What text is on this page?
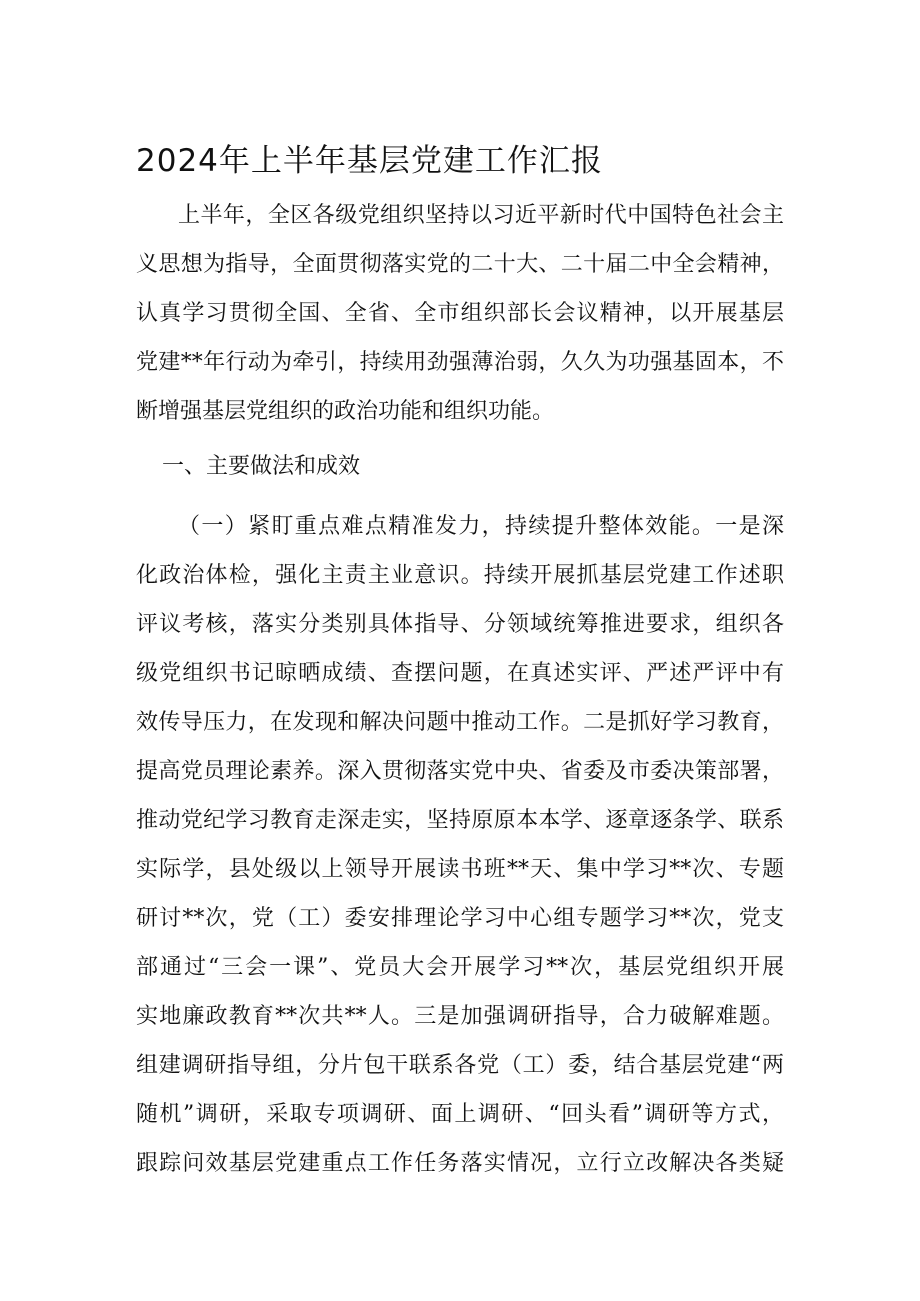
2024年上半年基层党建工作汇报
上半年，全区各级党组织坚持以习近平新时代中国特色社会主
义思想为指导，全面贯彻落实党的二十大、二十届二中全会精神，
认真学习贯彻全国、全省、全市组织部长会议精神，以开展基层
党建**年行动为牵引，持续用劲强薄治弱，久久为功强基固本，不
断增强基层党组织的政治功能和组织功能。
一、主要做法和成效
（一）紧盯重点难点精准发力，持续提升整体效能。一是深
化政治体检，强化主责主业意识。持续开展抓基层党建工作述职
评议考核，落实分类别具体指导、分领域统筹推进要求，组织各
级党组织书记晾晒成绩、查摆问题，在真述实评、严述严评中有
效传导压力，在发现和解决问题中推动工作。二是抓好学习教育，
提高党员理论素养。深入贯彻落实党中央、省委及市委决策部署，
推动党纪学习教育走深走实，坚持原原本本学、逐章逐条学、联系
实际学，县处级以上领导开展读书班**天、集中学习**次、专题
研讨**次，党（工）委安排理论学习中心组专题学习**次，党支
部通过“三会一课”、党员大会开展学习**次，基层党组织开展
实地廉政教育**次共**人。三是加强调研指导，合力破解难题。
组建调研指导组，分片包干联系各党（工）委，结合基层党建“两
随机”调研，采取专项调研、面上调研、“回头看”调研等方式，
跟踪问效基层党建重点工作任务落实情况，立行立改解决各类疑
